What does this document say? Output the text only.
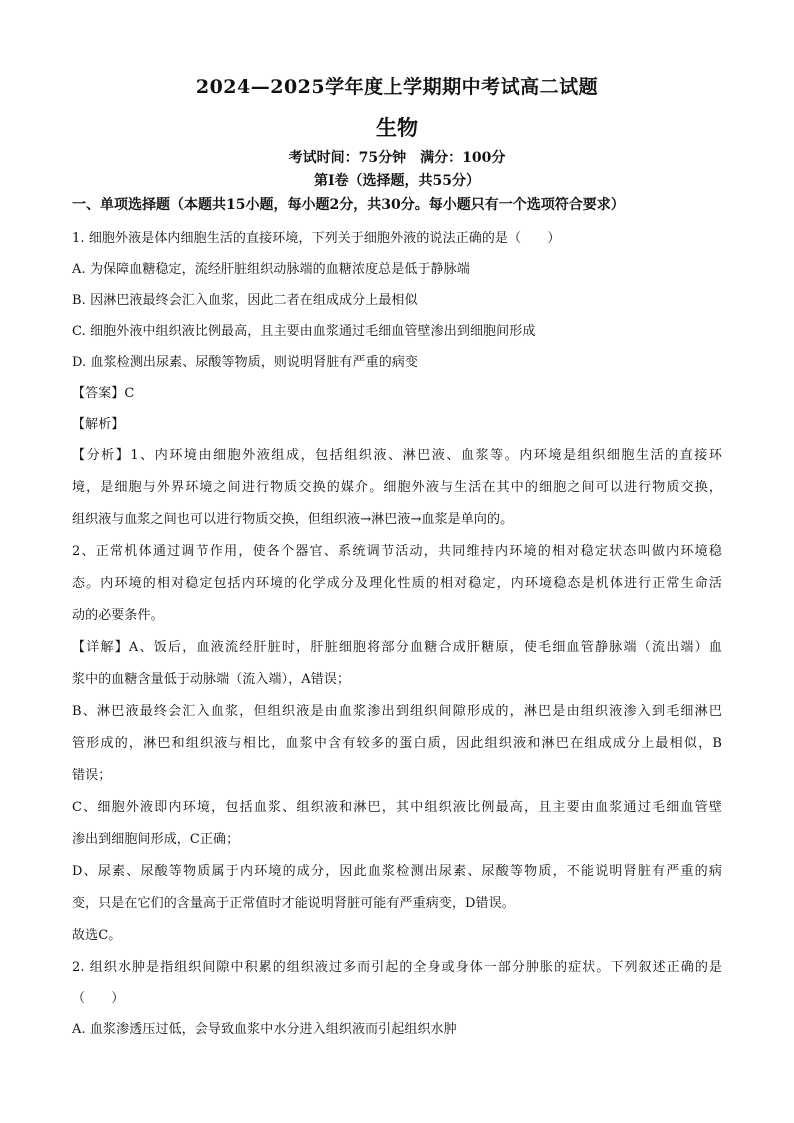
2024—2025学年度上学期期中考试高二试题
生物
考试时间：75分钟 满分：100分
第Ⅰ卷（选择题，共55分）
一、单项选择题（本题共15小题，每小题2分，共30分。每小题只有一个选项符合要求）
1. 细胞外液是体内细胞生活的直接环境，下列关于细胞外液的说法正确的是（　　）
A. 为保障血糖稳定，流经肝脏组织动脉端的血糖浓度总是低于静脉端
B. 因淋巴液最终会汇入血浆，因此二者在组成成分上最相似
C. 细胞外液中组织液比例最高，且主要由血浆通过毛细血管壁渗出到细胞间形成
D. 血浆检测出尿素、尿酸等物质，则说明肾脏有严重的病变
【答案】C
【解析】
【分析】1、内环境由细胞外液组成，包括组织液、淋巴液、血浆等。内环境是组织细胞生活的直接环
境，是细胞与外界环境之间进行物质交换的媒介。细胞外液与生活在其中的细胞之间可以进行物质交换，
组织液与血浆之间也可以进行物质交换，但组织液→淋巴液→血浆是单向的。
2、正常机体通过调节作用，使各个器官、系统调节活动，共同维持内环境的相对稳定状态叫做内环境稳
态。内环境的相对稳定包括内环境的化学成分及理化性质的相对稳定，内环境稳态是机体进行正常生命活
动的必要条件。
【详解】A、饭后，血液流经肝脏时，肝脏细胞将部分血糖合成肝糖原，使毛细血管静脉端（流出端）血
浆中的血糖含量低于动脉端（流入端），A错误；
B、淋巴液最终会汇入血浆，但组织液是由血浆渗出到组织间隙形成的，淋巴是由组织液渗入到毛细淋巴
管形成的，淋巴和组织液与相比，血浆中含有较多的蛋白质，因此组织液和淋巴在组成成分上最相似，B
错误；
C、细胞外液即内环境，包括血浆、组织液和淋巴，其中组织液比例最高，且主要由血浆通过毛细血管壁
渗出到细胞间形成，C正确；
D、尿素、尿酸等物质属于内环境的成分，因此血浆检测出尿素、尿酸等物质，不能说明肾脏有严重的病
变，只是在它们的含量高于正常值时才能说明肾脏可能有严重病变，D错误。
故选C。
2. 组织水肿是指组织间隙中积累的组织液过多而引起的全身或身体一部分肿胀的症状。下列叙述正确的是
（　　）
A. 血浆渗透压过低，会导致血浆中水分进入组织液而引起组织水肿
